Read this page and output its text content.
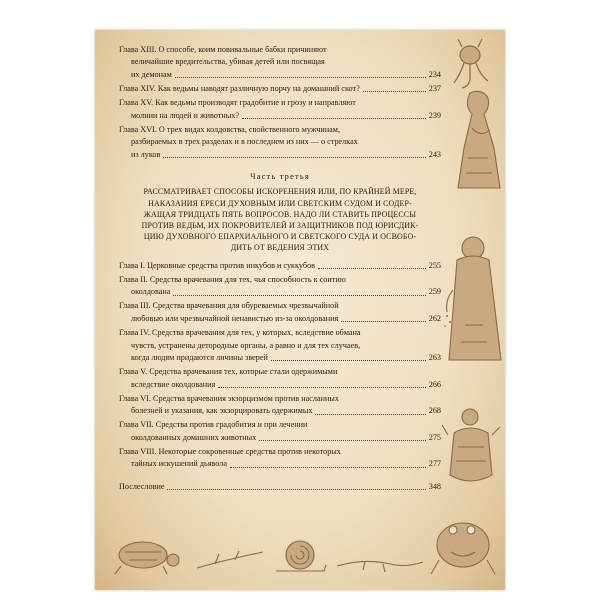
Глава XIII. О способе, коим повивальные бабки причиняют
величайшие вредительства, убивая детей или посвящая
их демонам	234
Глава XIV. Как ведьмы наводят различную порчу на домашний скот?	237
Глава XV. Как ведьмы производят градобитие и грозу и направляют
молнии на людей и животных?	239
Глава XVI. О трех видах колдовства, свойственного мужчинам,
разбираемых в трех разделах и в последнем из них — о стрелках
из луков	243
Часть третья
РАССМАТРИВАЕТ СПОСОБЫ ИСКОРЕНЕНИЯ ИЛИ, ПО КРАЙНЕЙ МЕРЕ,
НАКАЗАНИЯ ЕРЕСИ ДУХОВНЫМ ИЛИ СВЕТСКИМ СУДОМ И СОДЕР-
ЖАЩАЯ ТРИДЦАТЬ ПЯТЬ ВОПРОСОВ. НАДО ЛИ СТАВИТЬ ПРОЦЕССЫ
ПРОТИВ ВЕДЬМ, ИХ ПОКРОВИТЕЛЕЙ И ЗАЩИТНИКОВ ПОД ЮРИСДИК-
ЦИЮ ДУХОВНОГО ЕПАРХИАЛЬНОГО И СВЕТСКОГО СУДА И ОСВОБО-
ДИТЬ ОТ ВЕДЕНИЯ ЭТИХ
Глава I. Церковные средства против инкубов и суккубов	255
Глава II. Средства врачевания для тех, чья способность к соитию
околдована	259
Глава III. Средства врачевания для обуреваемых чрезвычайной
любовью или чрезвычайной ненавистью из-за околдования	262
Глава IV. Средства врачевания для тех, у которых, вследствие обмана
чувств, устранены детородные органы, а равно и для тех случаев,
когда людям придаются личины зверей	263
Глава V. Средства врачевания тех, которые стали одержимыми
вследствие околдования	266
Глава VI. Средства врачевания экзорцизмом против насланных
болезней и указания, как экзорцировать одержимых	268
Глава VII. Средства против градобития и при лечении
околдованных домашних животных	275
Глава VIII. Некоторые сокровенные средства против некоторых
тайных искушений дьявола	277
Послесловие	348
